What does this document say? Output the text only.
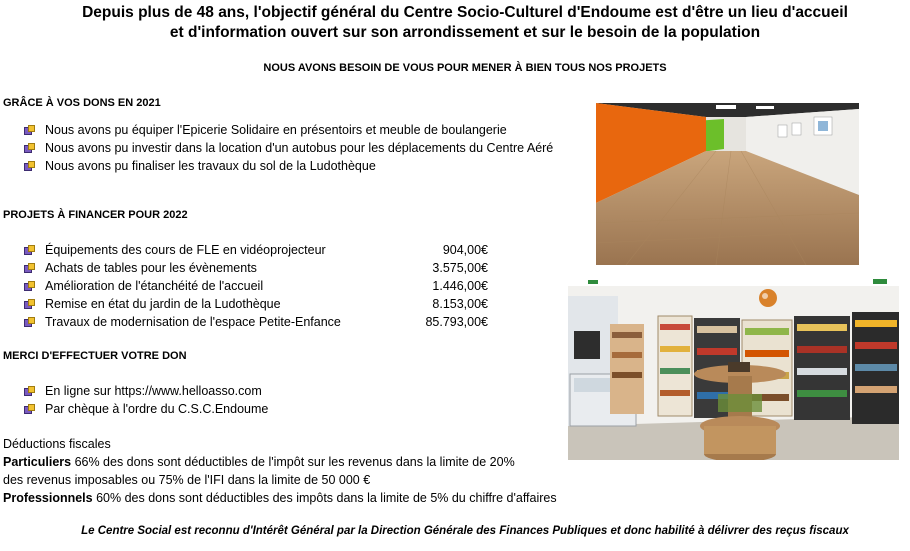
Depuis plus de 48 ans, l'objectif général du Centre Socio-Culturel d'Endoume est d'être un lieu d'accueil
et d'information ouvert sur son arrondissement et sur le besoin de la population
NOUS AVONS BESOIN DE VOUS POUR MENER À BIEN TOUS NOS PROJETS
GRÂCE À VOS DONS EN 2021
Nous avons pu équiper l'Epicerie Solidaire en présentoirs et meuble de boulangerie
Nous avons pu investir dans la location d'un autobus pour les déplacements du Centre Aéré
Nous avons pu finaliser les travaux du sol de la Ludothèque
PROJETS À FINANCER POUR 2022
Équipements des cours de FLE en vidéoprojecteur	904,00€
Achats de tables pour les évènements	3.575,00€
Amélioration de l'étanchéité de l'accueil	1.446,00€
Remise en état du jardin de la Ludothèque	8.153,00€
Travaux de modernisation de l'espace Petite-Enfance	85.793,00€
MERCI D'EFFECTUER VOTRE DON
En ligne sur https://www.helloasso.com
Par chèque à l'ordre du C.S.C.Endoume
Déductions fiscales
Particuliers 66% des dons sont déductibles de l'impôt sur les revenus dans la limite de 20%
des revenus imposables ou 75% de l'IFI dans la limite de 50 000 €
Professionnels 60% des dons sont déductibles des impôts dans la limite de 5% du chiffre d'affaires
Le Centre Social est reconnu d'Intérêt Général par la Direction Générale des Finances Publiques et donc habilité à délivrer des reçus fiscaux
